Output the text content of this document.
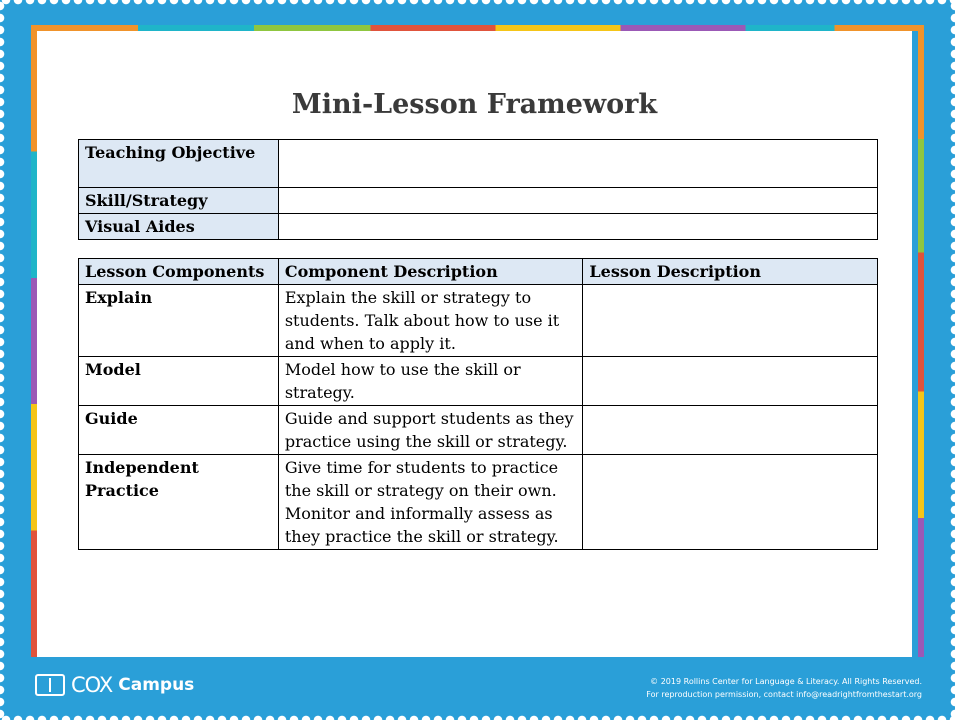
Mini-Lesson Framework
Teaching Objective	
Skill/Strategy	
Visual Aides	
Lesson Components	Component Description	Lesson Description
Explain	Explain the skill or strategy to students. Talk about how to use it and when to apply it.	
Model	Model how to use the skill or strategy.	
Guide	Guide and support students as they practice using the skill or strategy.	
Independent Practice	Give time for students to practice the skill or strategy on their own. Monitor and informally assess as they practice the skill or strategy.	
COX Campus	© 2019 Rollins Center for Language & Literacy. All Rights Reserved.
For reproduction permission, contact info@readrightfromthestart.org
